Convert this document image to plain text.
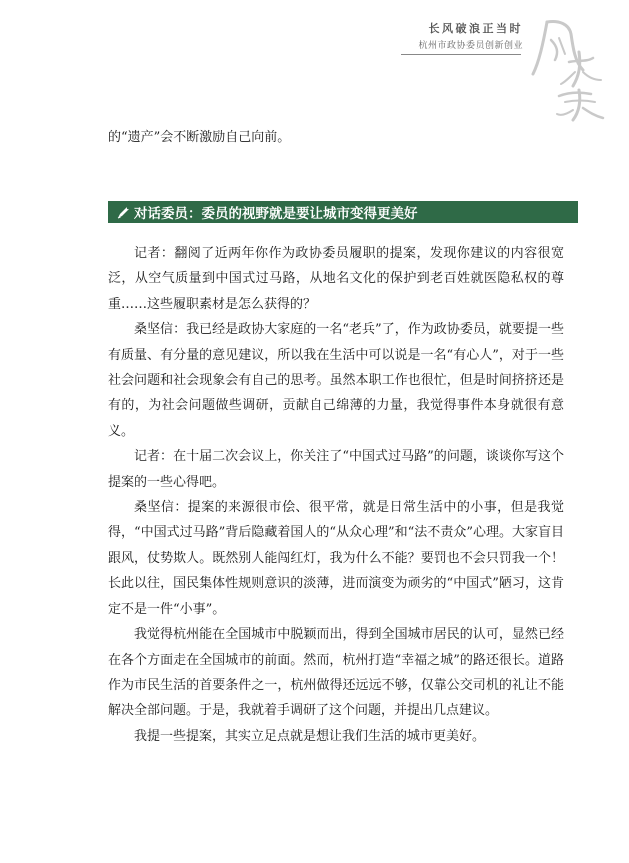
长风破浪正当时
杭州市政协委员创新创业
的“遗产”会不断激励自己向前。
对话委员：委员的视野就是要让城市变得更美好

记者：翻阅了近两年你作为政协委员履职的提案，发现你建议的内容很宽泛，从空气质量到中国式过马路，从地名文化的保护到老百姓就医隐私权的尊重……这些履职素材是怎么获得的？

桑坚信：我已经是政协大家庭的一名“老兵”了，作为政协委员，就要提一些有质量、有分量的意见建议，所以我在生活中可以说是一名“有心人”，对于一些社会问题和社会现象会有自己的思考。虽然本职工作也很忙，但是时间挤挤还是有的，为社会问题做些调研，贡献自己绵薄的力量，我觉得事件本身就很有意义。

记者：在十届二次会议上，你关注了“中国式过马路”的问题，谈谈你写这个提案的一些心得吧。

桑坚信：提案的来源很市侩、很平常，就是日常生活中的小事，但是我觉得，“中国式过马路”背后隐藏着国人的“从众心理”和“法不责众”心理。大家盲目跟风，仗势欺人。既然别人能闯红灯，我为什么不能？要罚也不会只罚我一个！长此以往，国民集体性规则意识的淡薄，进而演变为顽劣的“中国式”陋习，这肯定不是一件“小事”。

我觉得杭州能在全国城市中脱颖而出，得到全国城市居民的认可，显然已经在各个方面走在全国城市的前面。然而，杭州打造“幸福之城”的路还很长。道路作为市民生活的首要条件之一，杭州做得还远远不够，仅靠公交司机的礼让不能解决全部问题。于是，我就着手调研了这个问题，并提出几点建议。

我提一些提案，其实立足点就是想让我们生活的城市更美好。
